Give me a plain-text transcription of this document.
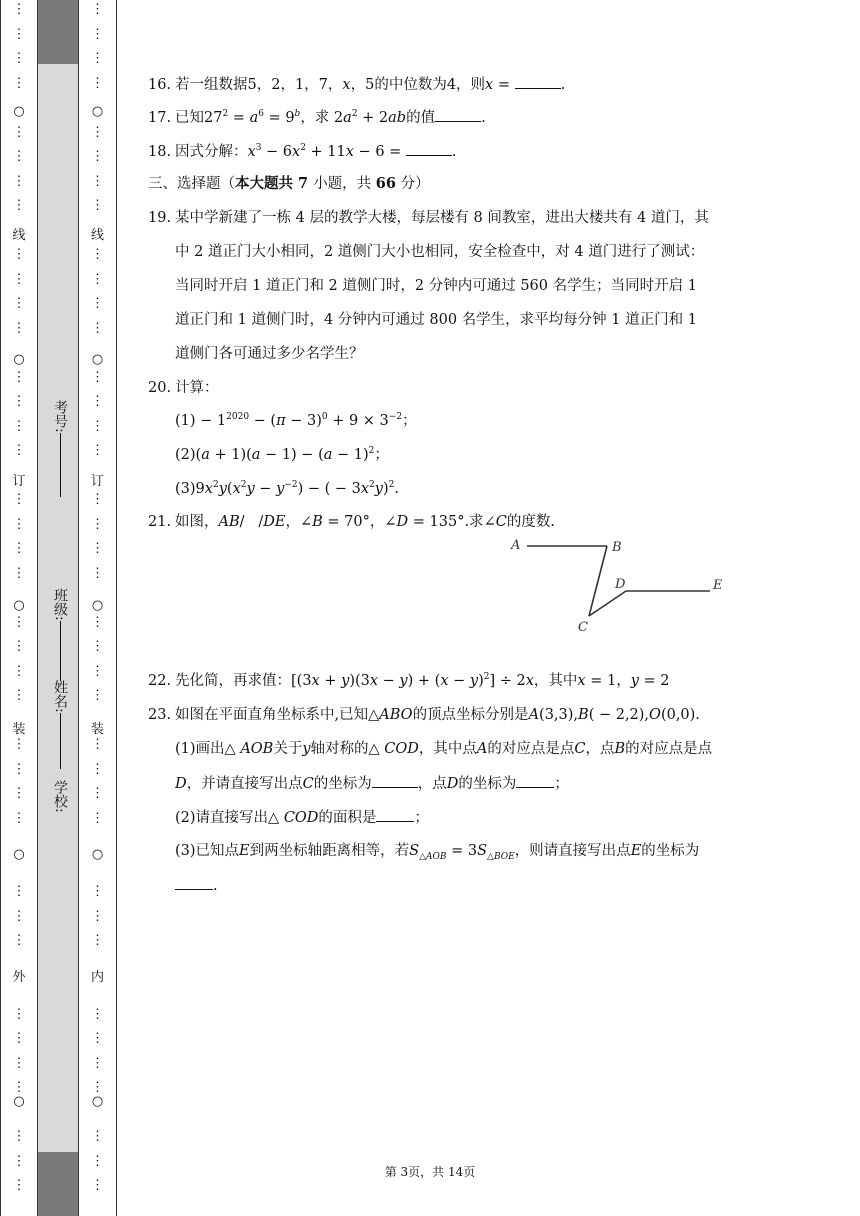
⋮
⋮
⋮
⋮
⋮
⋮
⋮
⋮
⋮
⋮
⋮
⋮
⋮
⋮
⋮
⋮
⋮
⋮
⋮
⋮
⋮
⋮
⋮
⋮
⋮
⋮
⋮
⋮
⋮
⋮
⋮
⋮
⋮
⋮
⋮
⋮
⋮
⋮
○
○
○
○
○
线
订
装
外
考号:
班级:
姓名:
学校:
⋮
⋮
⋮
⋮
⋮
⋮
⋮
⋮
⋮
⋮
⋮
⋮
⋮
⋮
⋮
⋮
⋮
⋮
⋮
⋮
⋮
⋮
⋮
⋮
⋮
⋮
⋮
⋮
⋮
⋮
⋮
⋮
⋮
⋮
⋮
⋮
⋮
⋮
○
○
○
○
○
线
订
装
内
16. 若一组数据5，2，1，7，x，5的中位数为4，则x =	.
17. 已知$27^2 = a^6 = 9^b$，求 $2a^2 + 2ab$的值	.
18. 因式分解：$x^3 - 6x^2 + 11x - 6$ =	.
三、选择题（本大题共 7 小题，共 66 分）
19. 某中学新建了一栋 4 层的教学大楼，每层楼有 8 间教室，进出大楼共有 4 道门，其
中 2 道正门大小相同，2 道侧门大小也相同，安全检查中，对 4 道门进行了测试：
当同时开启 1 道正门和 2 道侧门时，2 分钟内可通过 560 名学生；当同时开启 1
道正门和 1 道侧门时，4 分钟内可通过 800 名学生，求平均每分钟 1 道正门和 1
道侧门各可通过多少名学生？
20. 计算：
$(1) - 1^{2020} - (\pi - 3)^0 + 9 \times 3^{-2}$；
$(2)(a + 1)(a - 1) - (a - 1)^2$；
$(3)9x^2y(x^2y - y^{-2})$ − ( − $3x^2y)^2$.
21. 如图，AB/   /DE，∠B = 70°，∠D = 135°.求∠C的度数.
A	B
C
D	E
22. 先化简，再求值：$[(3x + y)(3x - y) + (x - y)^2] \div 2x$，其中x = 1，y = 2
23. 如图在平面直角坐标系中,已知△ABO的顶点坐标分别是A(3,3),B( − 2,2),O(0,0).
(1)画出△ AOB关于y轴对称的△ COD，其中点A的对应点是点C，点B的对应点是点
D，并请直接写出点C的坐标为	，点D的坐标为	；
(2)请直接写出△ COD的面积是	；
(3)已知点E到两坐标轴距离相等，若$S_{\triangle AOB} = 3S_{\triangle BOE}$，则请直接写出点E的坐标为
.
第 3页，共 14页
